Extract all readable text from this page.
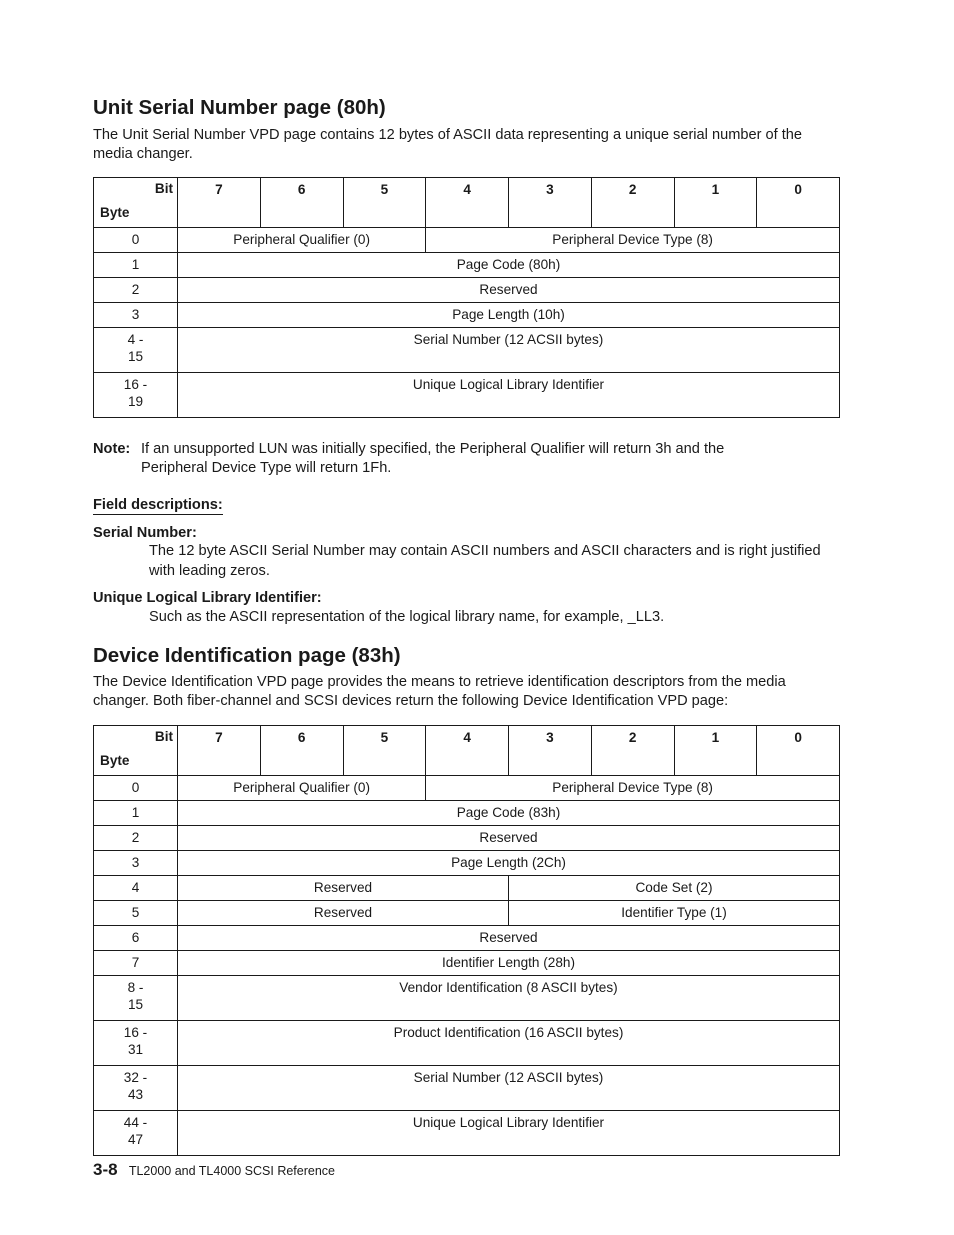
Unit Serial Number page (80h)

The Unit Serial Number VPD page contains 12 bytes of ASCII data representing a unique serial number of the media changer.

Bit
Byte	7	6	5	4	3	2	1	0
0	Peripheral Qualifier (0)			Peripheral Device Type (8)				
1	Page Code (80h)							
2	Reserved							
3	Page Length (10h)							
4 -
15	Serial Number (12 ACSII bytes)							
16 -
19	Unique Logical Library Identifier							
Note: If an unsupported LUN was initially specified, the Peripheral Qualifier will return 3h and the Peripheral Device Type will return 1Fh.
Field descriptions:
Serial Number:
The 12 byte ASCII Serial Number may contain ASCII numbers and ASCII characters and is right justified with leading zeros.
Unique Logical Library Identifier:
Such as the ASCII representation of the logical library name, for example, _LL3.
Device Identification page (83h)

The Device Identification VPD page provides the means to retrieve identification descriptors from the media changer. Both fiber-channel and SCSI devices return the following Device Identification VPD page:

Bit
Byte	7	6	5	4	3	2	1	0
0	Peripheral Qualifier (0)			Peripheral Device Type (8)				
1	Page Code (83h)							
2	Reserved							
3	Page Length (2Ch)							
4	Reserved				Code Set (2)			
5	Reserved				Identifier Type (1)			
6	Reserved							
7	Identifier Length (28h)							
8 -
15	Vendor Identification (8 ASCII bytes)							
16 -
31	Product Identification (16 ASCII bytes)							
32 -
43	Serial Number (12 ASCII bytes)							
44 -
47	Unique Logical Library Identifier							
3-8 TL2000 and TL4000 SCSI Reference
